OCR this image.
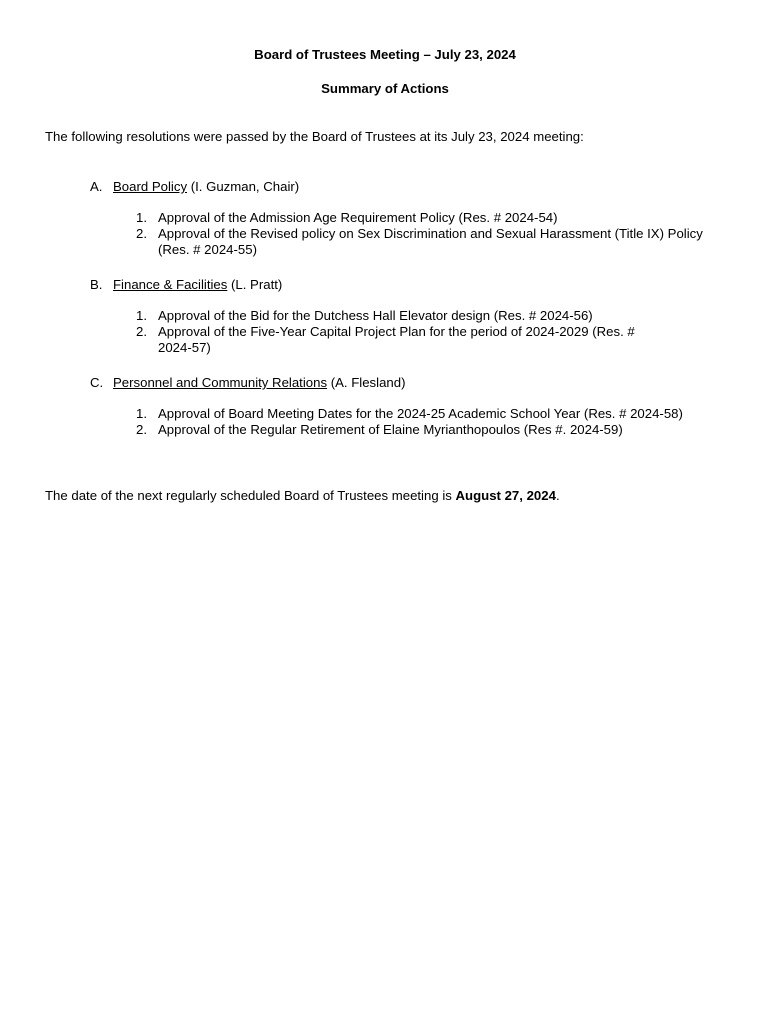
Board of Trustees Meeting – July 23, 2024
Summary of Actions
The following resolutions were passed by the Board of Trustees at its July 23, 2024 meeting:
A. Board Policy (I. Guzman, Chair)
1. Approval of the Admission Age Requirement Policy (Res. # 2024-54)
2. Approval of the Revised policy on Sex Discrimination and Sexual Harassment (Title IX) Policy (Res. # 2024-55)
B. Finance & Facilities (L. Pratt)
1. Approval of the Bid for the Dutchess Hall Elevator design (Res. # 2024-56)
2. Approval of the Five-Year Capital Project Plan for the period of 2024-2029 (Res. # 2024-57)
C. Personnel and Community Relations (A. Flesland)
1. Approval of Board Meeting Dates for the 2024-25 Academic School Year (Res. # 2024-58)
2. Approval of the Regular Retirement of Elaine Myrianthopoulos (Res #. 2024-59)
The date of the next regularly scheduled Board of Trustees meeting is August 27, 2024.
